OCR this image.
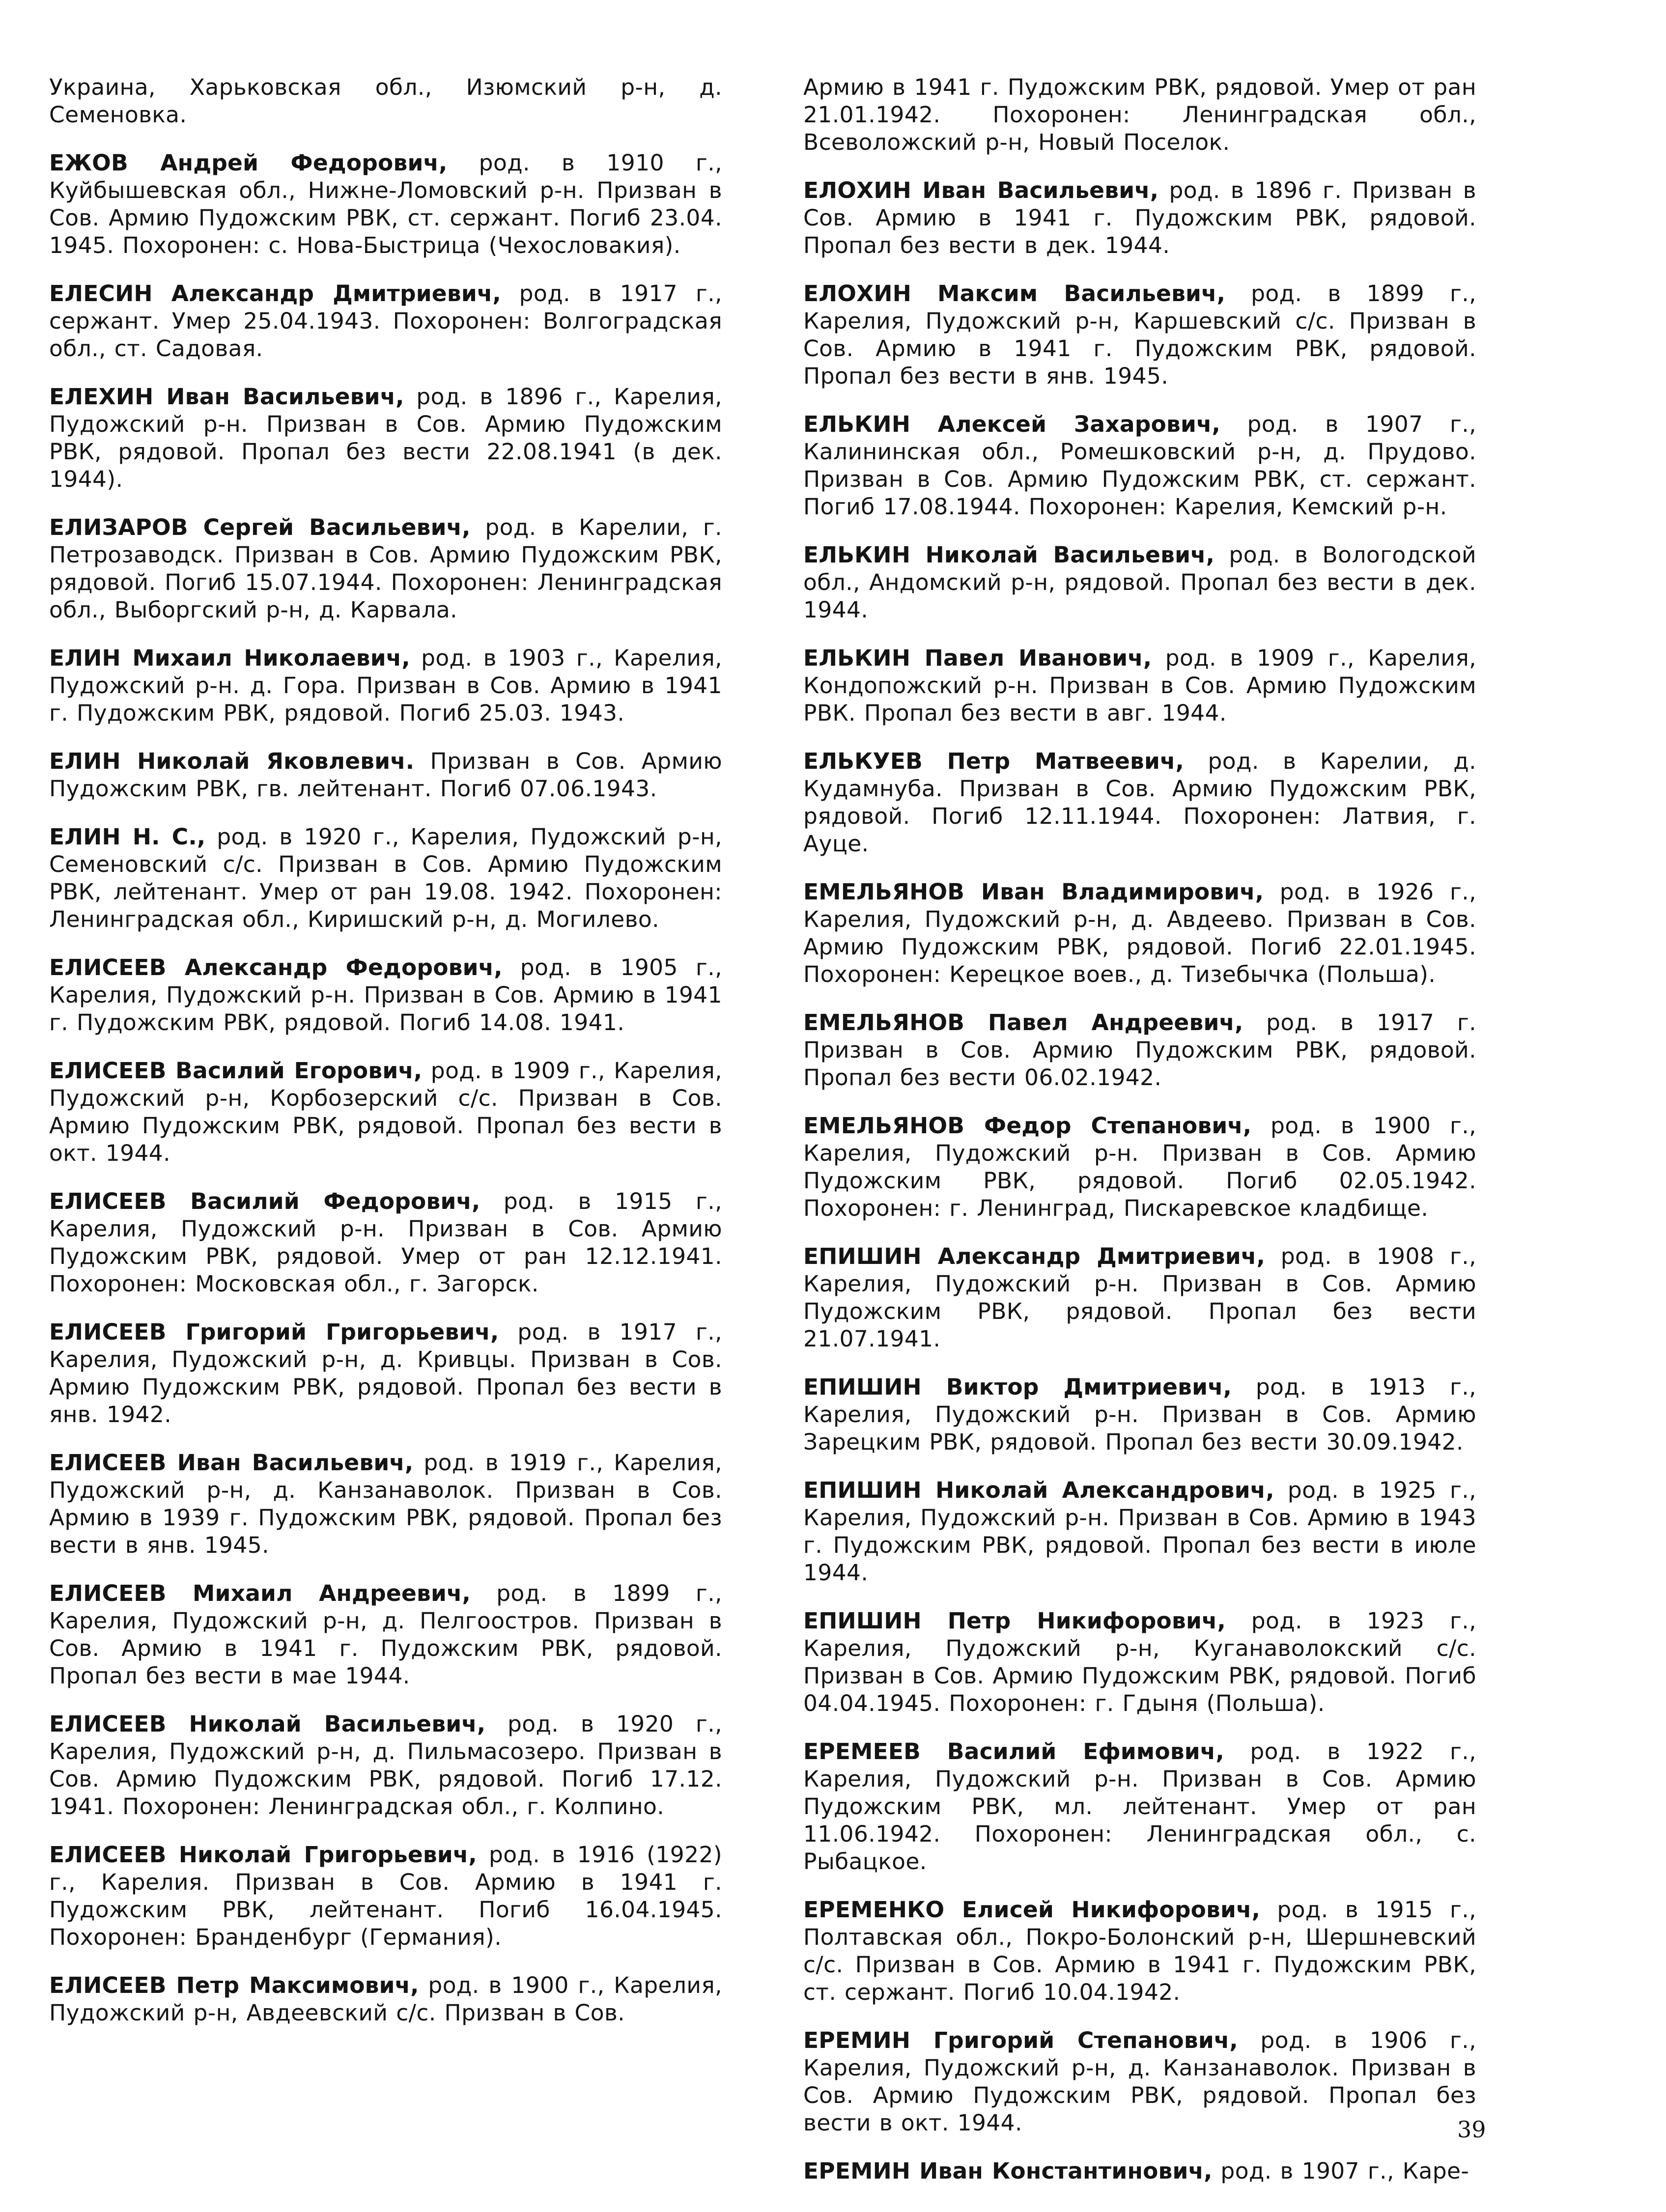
Украина, Харьковская обл., Изюмский р-н, д. Семеновка.

ЕЖОВ Андрей Федорович, род. в 1910 г., Куйбышевская обл., Нижне-Ломовский р-н. Призван в Сов. Армию Пудожским РВК, ст. сержант. Погиб 23.04. 1945. Похоронен: с. Нова-Быстрица (Чехословакия).

ЕЛЕСИН Александр Дмитриевич, род. в 1917 г., сержант. Умер 25.04.1943. Похоронен: Волгоградская обл., ст. Садовая.

ЕЛЕХИН Иван Васильевич, род. в 1896 г., Карелия, Пудожский р-н. Призван в Сов. Армию Пудожским РВК, рядовой. Пропал без вести 22.08.1941 (в дек. 1944).

ЕЛИЗАРОВ Сергей Васильевич, род. в Карелии, г. Петрозаводск. Призван в Сов. Армию Пудожским РВК, рядовой. Погиб 15.07.1944. Похоронен: Ленинградская обл., Выборгский р-н, д. Карвала.

ЕЛИН Михаил Николаевич, род. в 1903 г., Карелия, Пудожский р-н. д. Гора. Призван в Сов. Армию в 1941 г. Пудожским РВК, рядовой. Погиб 25.03. 1943.

ЕЛИН Николай Яковлевич. Призван в Сов. Армию Пудожским РВК, гв. лейтенант. Погиб 07.06.1943.

ЕЛИН Н. С., род. в 1920 г., Карелия, Пудожский р-н, Семеновский с/с. Призван в Сов. Армию Пудожским РВК, лейтенант. Умер от ран 19.08. 1942. Похоронен: Ленинградская обл., Киришский р-н, д. Могилево.

ЕЛИСЕЕВ Александр Федорович, род. в 1905 г., Карелия, Пудожский р-н. Призван в Сов. Армию в 1941 г. Пудожским РВК, рядовой. Погиб 14.08. 1941.

ЕЛИСЕЕВ Василий Егорович, род. в 1909 г., Карелия, Пудожский р-н, Корбозерский с/с. Призван в Сов. Армию Пудожским РВК, рядовой. Пропал без вести в окт. 1944.

ЕЛИСЕЕВ Василий Федорович, род. в 1915 г., Карелия, Пудожский р-н. Призван в Сов. Армию Пудожским РВК, рядовой. Умер от ран 12.12.1941. Похоронен: Московская обл., г. Загорск.

ЕЛИСЕЕВ Григорий Григорьевич, род. в 1917 г., Карелия, Пудожский р-н, д. Кривцы. Призван в Сов. Армию Пудожским РВК, рядовой. Пропал без вести в янв. 1942.

ЕЛИСЕЕВ Иван Васильевич, род. в 1919 г., Карелия, Пудожский р-н, д. Канзанаволок. Призван в Сов. Армию в 1939 г. Пудожским РВК, рядовой. Пропал без вести в янв. 1945.

ЕЛИСЕЕВ Михаил Андреевич, род. в 1899 г., Карелия, Пудожский р-н, д. Пелгоостров. Призван в Сов. Армию в 1941 г. Пудожским РВК, рядовой. Пропал без вести в мае 1944.

ЕЛИСЕЕВ Николай Васильевич, род. в 1920 г., Карелия, Пудожский р-н, д. Пильмасозеро. Призван в Сов. Армию Пудожским РВК, рядовой. Погиб 17.12. 1941. Похоронен: Ленинградская обл., г. Колпино.

ЕЛИСЕЕВ Николай Григорьевич, род. в 1916 (1922) г., Карелия. Призван в Сов. Армию в 1941 г. Пудожским РВК, лейтенант. Погиб 16.04.1945. Похоронен: Бранденбург (Германия).

ЕЛИСЕЕВ Петр Максимович, род. в 1900 г., Карелия, Пудожский р-н, Авдеевский с/с. Призван в Сов.

Армию в 1941 г. Пудожским РВК, рядовой. Умер от ран 21.01.1942. Похоронен: Ленинградская обл., Всеволожский р-н, Новый Поселок.

ЕЛОХИН Иван Васильевич, род. в 1896 г. Призван в Сов. Армию в 1941 г. Пудожским РВК, рядовой. Пропал без вести в дек. 1944.

ЕЛОХИН Максим Васильевич, род. в 1899 г., Карелия, Пудожский р-н, Каршевский с/с. Призван в Сов. Армию в 1941 г. Пудожским РВК, рядовой. Пропал без вести в янв. 1945.

ЕЛЬКИН Алексей Захарович, род. в 1907 г., Калининская обл., Ромешковский р-н, д. Прудово. Призван в Сов. Армию Пудожским РВК, ст. сержант. Погиб 17.08.1944. Похоронен: Карелия, Кемский р-н.

ЕЛЬКИН Николай Васильевич, род. в Вологодской обл., Андомский р-н, рядовой. Пропал без вести в дек. 1944.

ЕЛЬКИН Павел Иванович, род. в 1909 г., Карелия, Кондопожский р-н. Призван в Сов. Армию Пудожским РВК. Пропал без вести в авг. 1944.

ЕЛЬКУЕВ Петр Матвеевич, род. в Карелии, д. Кудамнуба. Призван в Сов. Армию Пудожским РВК, рядовой. Погиб 12.11.1944. Похоронен: Латвия, г. Ауце.

ЕМЕЛЬЯНОВ Иван Владимирович, род. в 1926 г., Карелия, Пудожский р-н, д. Авдеево. Призван в Сов. Армию Пудожским РВК, рядовой. Погиб 22.01.1945. Похоронен: Керецкое воев., д. Тизебычка (Польша).

ЕМЕЛЬЯНОВ Павел Андреевич, род. в 1917 г. Призван в Сов. Армию Пудожским РВК, рядовой. Пропал без вести 06.02.1942.

ЕМЕЛЬЯНОВ Федор Степанович, род. в 1900 г., Карелия, Пудожский р-н. Призван в Сов. Армию Пудожским РВК, рядовой. Погиб 02.05.1942. Похоронен: г. Ленинград, Пискаревское кладбище.

ЕПИШИН Александр Дмитриевич, род. в 1908 г., Карелия, Пудожский р-н. Призван в Сов. Армию Пудожским РВК, рядовой. Пропал без вести 21.07.1941.

ЕПИШИН Виктор Дмитриевич, род. в 1913 г., Карелия, Пудожский р-н. Призван в Сов. Армию Зарецким РВК, рядовой. Пропал без вести 30.09.1942.

ЕПИШИН Николай Александрович, род. в 1925 г., Карелия, Пудожский р-н. Призван в Сов. Армию в 1943 г. Пудожским РВК, рядовой. Пропал без вести в июле 1944.

ЕПИШИН Петр Никифорович, род. в 1923 г., Карелия, Пудожский р-н, Куганаволокский с/с. Призван в Сов. Армию Пудожским РВК, рядовой. Погиб 04.04.1945. Похоронен: г. Гдыня (Польша).

ЕРЕМЕЕВ Василий Ефимович, род. в 1922 г., Карелия, Пудожский р-н. Призван в Сов. Армию Пудожским РВК, мл. лейтенант. Умер от ран 11.06.1942. Похоронен: Ленинградская обл., с. Рыбацкое.

ЕРЕМЕНКО Елисей Никифорович, род. в 1915 г., Полтавская обл., Покро-Болонский р-н, Шершневский с/с. Призван в Сов. Армию в 1941 г. Пудожским РВК, ст. сержант. Погиб 10.04.1942.

ЕРЕМИН Григорий Степанович, род. в 1906 г., Карелия, Пудожский р-н, д. Канзанаволок. Призван в Сов. Армию Пудожским РВК, рядовой. Пропал без вести в окт. 1944.

ЕРЕМИН Иван Константинович, род. в 1907 г., Каре-

39
